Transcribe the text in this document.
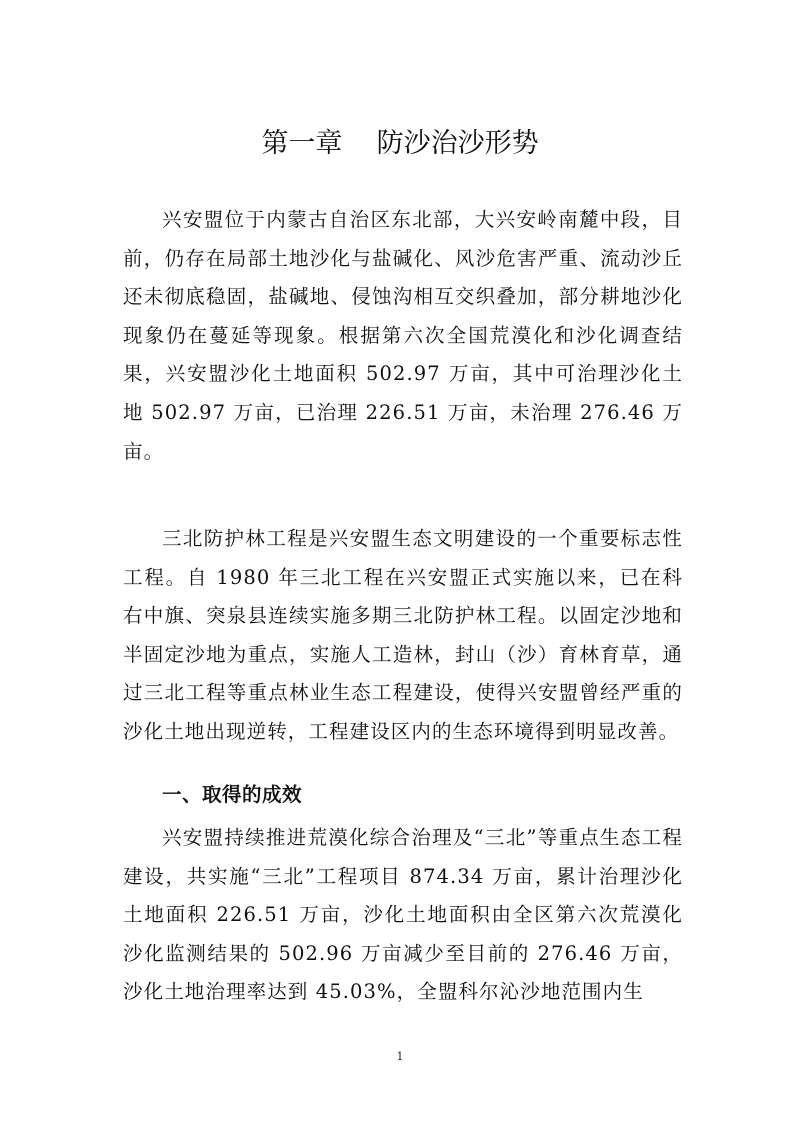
第一章    防沙治沙形势

兴安盟位于内蒙古自治区东北部，大兴安岭南麓中段，目前，仍存在局部土地沙化与盐碱化、风沙危害严重、流动沙丘还未彻底稳固，盐碱地、侵蚀沟相互交织叠加，部分耕地沙化现象仍在蔓延等现象。根据第六次全国荒漠化和沙化调查结果，兴安盟沙化土地面积 502.97 万亩，其中可治理沙化土地 502.97 万亩，已治理 226.51 万亩，未治理 276.46 万亩。

三北防护林工程是兴安盟生态文明建设的一个重要标志性工程。自 1980 年三北工程在兴安盟正式实施以来，已在科右中旗、突泉县连续实施多期三北防护林工程。以固定沙地和半固定沙地为重点，实施人工造林，封山（沙）育林育草，通过三北工程等重点林业生态工程建设，使得兴安盟曾经严重的沙化土地出现逆转，工程建设区内的生态环境得到明显改善。

一、取得的成效

兴安盟持续推进荒漠化综合治理及“三北”等重点生态工程建设，共实施“三北”工程项目 874.34 万亩，累计治理沙化土地面积 226.51 万亩，沙化土地面积由全区第六次荒漠化沙化监测结果的 502.96 万亩减少至目前的 276.46 万亩，沙化土地治理率达到 45.03%，全盟科尔沁沙地范围内生

1
